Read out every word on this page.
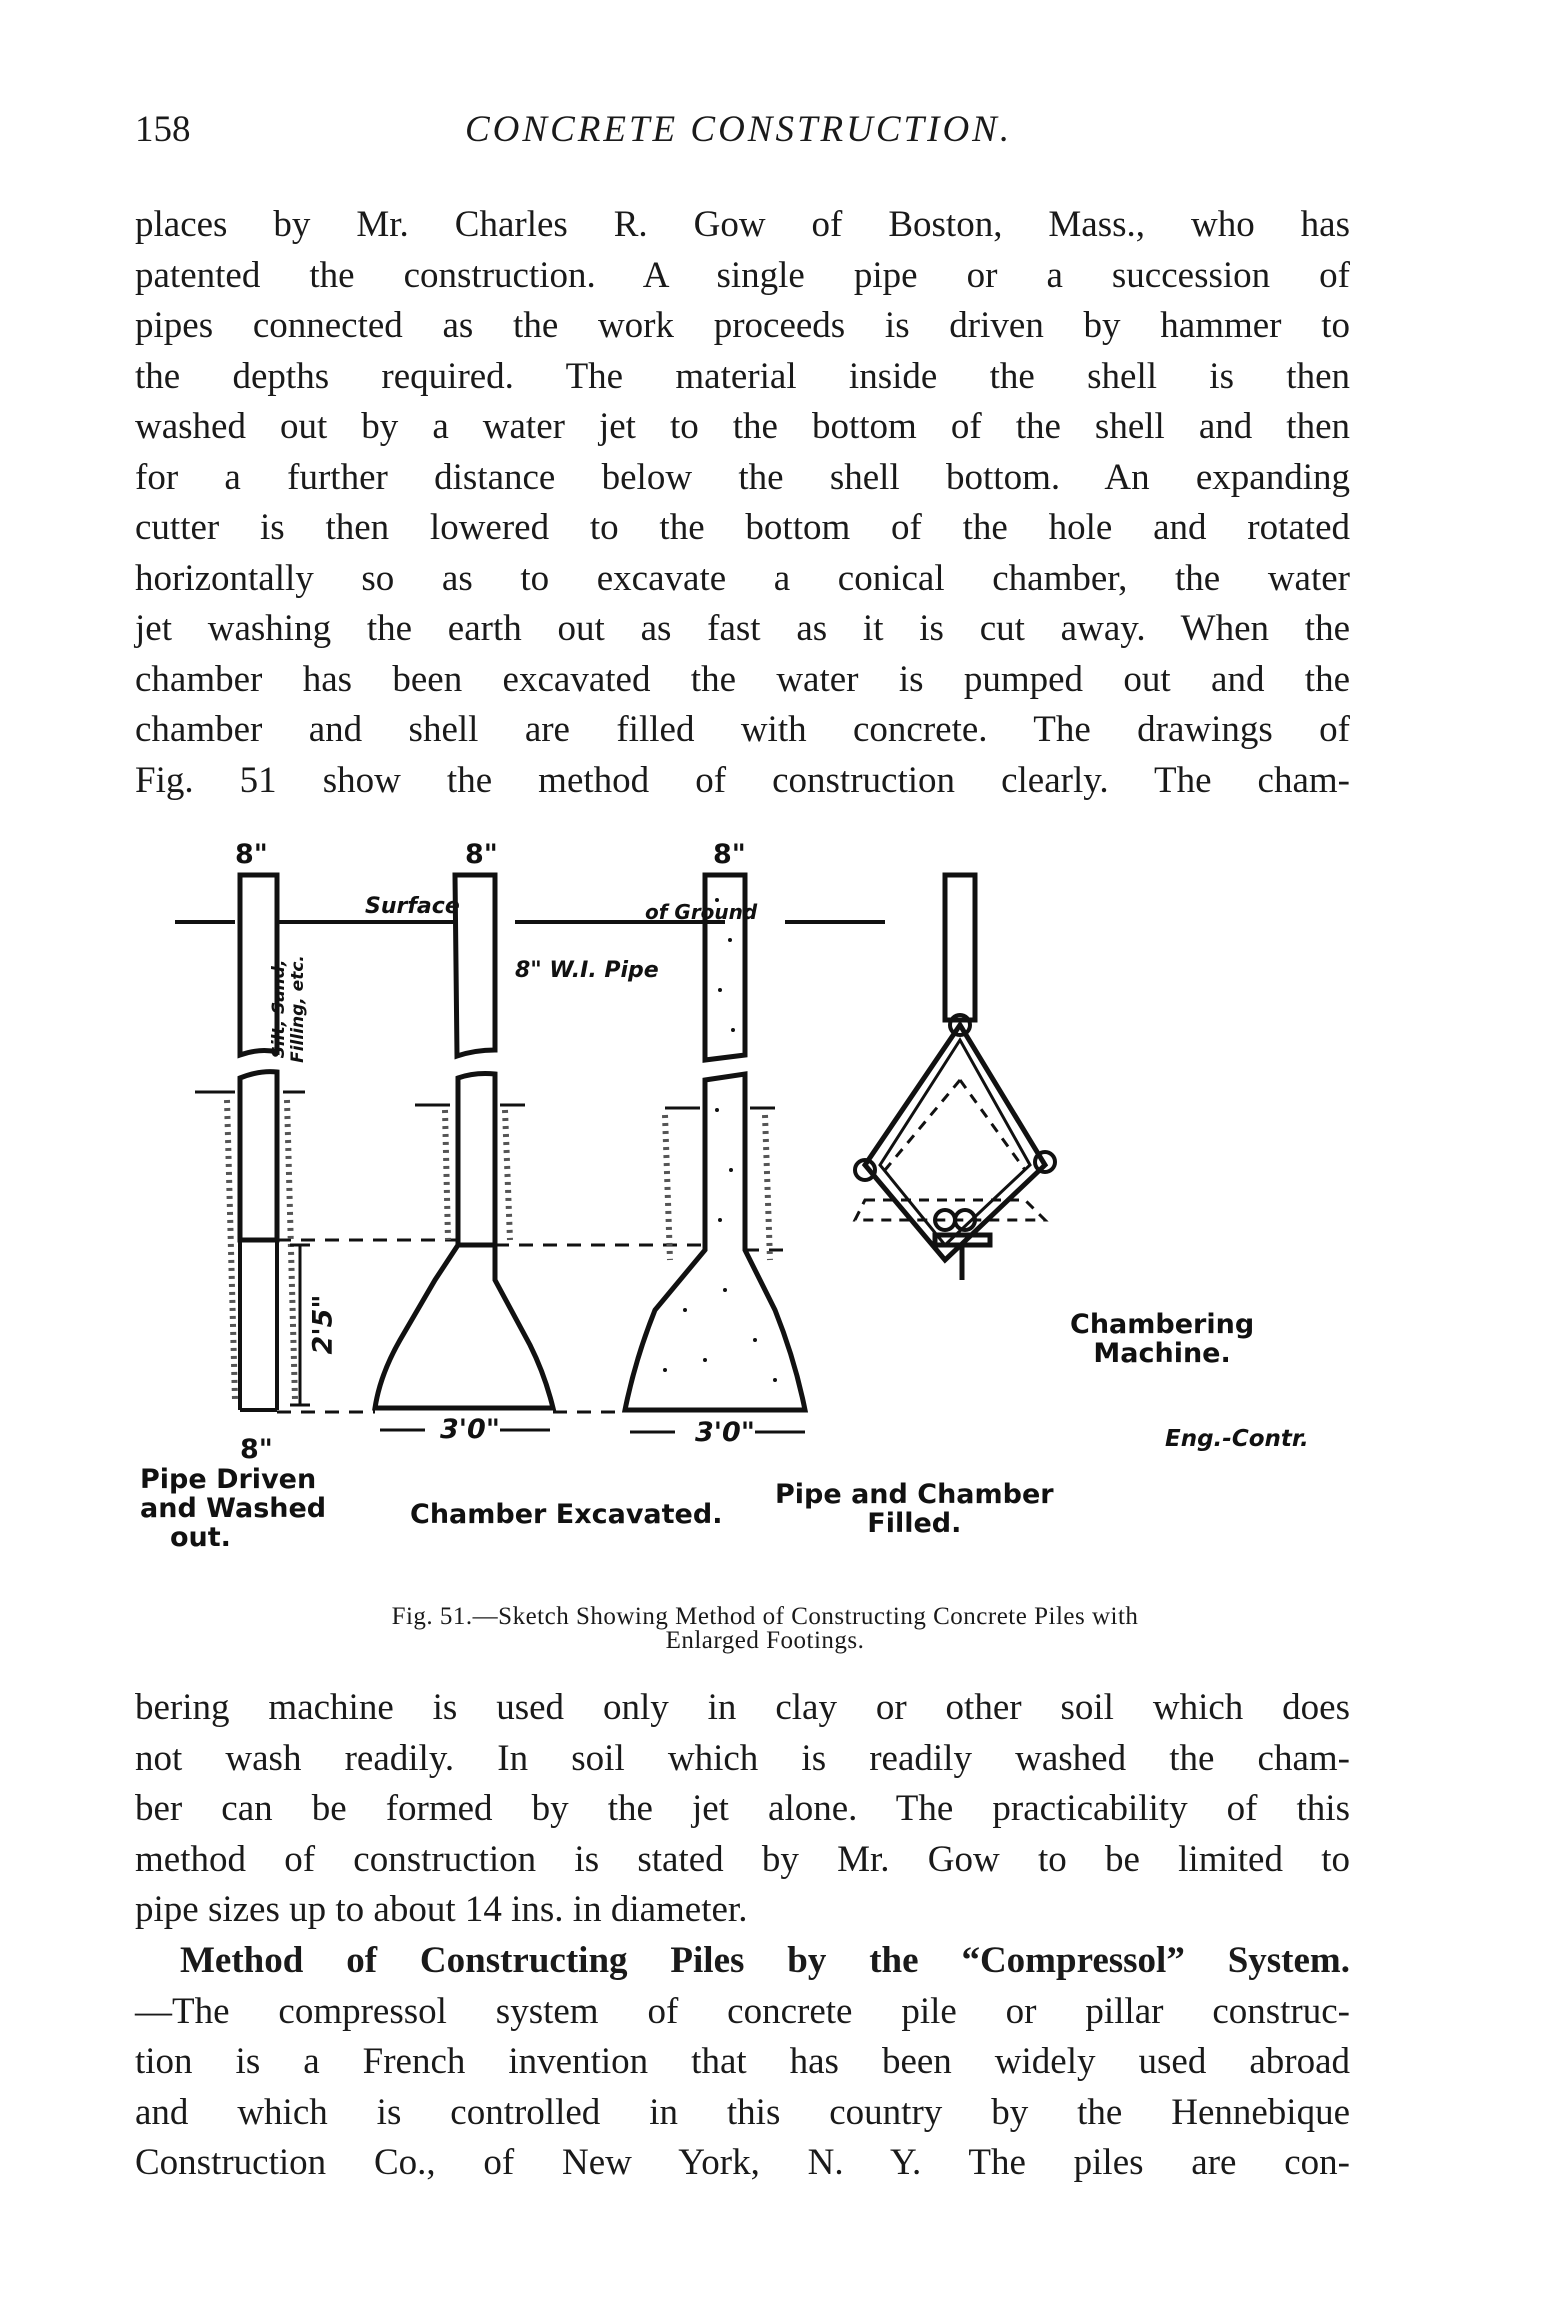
158	CONCRETE CONSTRUCTION.
places by Mr. Charles R. Gow of Boston, Mass., who has
patented the construction. A single pipe or a succession of
pipes connected as the work proceeds is driven by hammer to
the depths required. The material inside the shell is then
washed out by a water jet to the bottom of the shell and then
for a further distance below the shell bottom. An expanding
cutter is then lowered to the bottom of the hole and rotated
horizontally so as to excavate a conical chamber, the water
jet washing the earth out as fast as it is cut away. When the
chamber has been excavated the water is pumped out and the
chamber and shell are filled with concrete. The drawings of
Fig. 51 show the method of construction clearly. The cham-
8"	8"	8"
Surface	of Ground
8" W.I. Pipe
Silt, Sand, Filling, etc.
2'5"
8"
3'0"	3'0"
Pipe Driven
and Washed
out.
Chamber Excavated.
Pipe and Chamber
Filled.
Chambering
Machine.
Eng.-Contr.
Fig. 51.—Sketch Showing Method of Constructing Concrete Piles with
Enlarged Footings.
bering machine is used only in clay or other soil which does
not wash readily. In soil which is readily washed the cham-
ber can be formed by the jet alone. The practicability of this
method of construction is stated by Mr. Gow to be limited to
pipe sizes up to about 14 ins. in diameter.
Method of Constructing Piles by the “Compressol” System.
—The compressol system of concrete pile or pillar construc-
tion is a French invention that has been widely used abroad
and which is controlled in this country by the Hennebique
Construction Co., of New York, N. Y. The piles are con-
